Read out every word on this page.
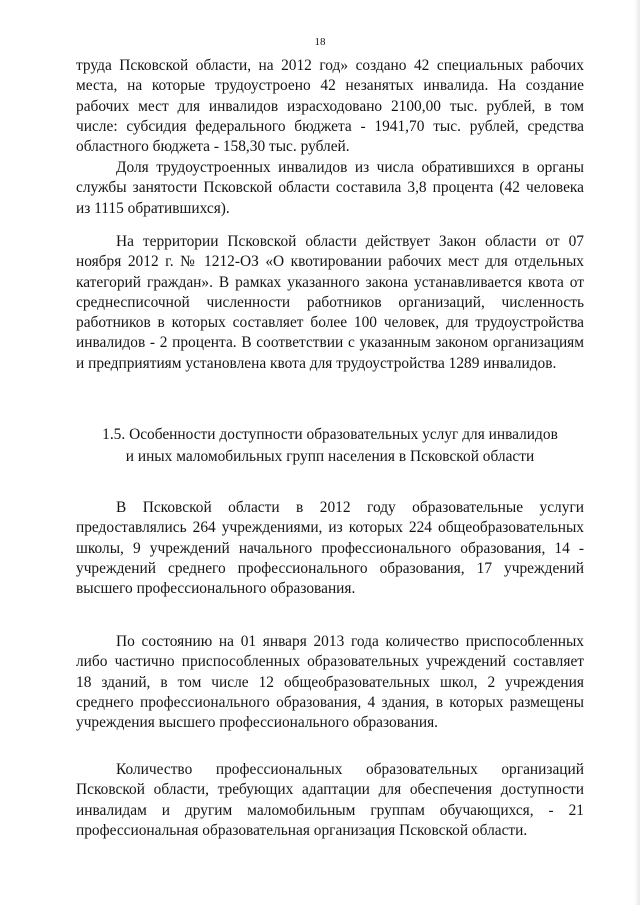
18

труда Псковской области, на 2012 год» создано 42 специальных рабочих места, на которые трудоустроено 42 незанятых инвалида. На создание рабочих мест для инвалидов израсходовано 2100,00 тыс. рублей, в том числе: субсидия федерального бюджета - 1941,70 тыс. рублей, средства областного бюджета - 158,30 тыс. рублей.

Доля трудоустроенных инвалидов из числа обратившихся в органы службы занятости Псковской области составила 3,8 процента (42 человека из 1115 обратившихся).

На территории Псковской области действует Закон области от 07 ноября 2012 г. № 1212-ОЗ «О квотировании рабочих мест для отдельных категорий граждан». В рамках указанного закона устанавливается квота от среднесписочной численности работников организаций, численность работников в которых составляет более 100 человек, для трудоустройства инвалидов - 2 процента. В соответствии с указанным законом организациям и предприятиям установлена квота для трудоустройства 1289 инвалидов.

1.5. Особенности доступности образовательных услуг для инвалидов
и иных маломобильных групп населения в Псковской области

В Псковской области в 2012 году образовательные услуги предоставлялись 264 учреждениями, из которых 224 общеобразовательных школы, 9 учреждений начального профессионального образования, 14 - учреждений среднего профессионального образования, 17 учреждений высшего профессионального образования.

По состоянию на 01 января 2013 года количество приспособленных либо частично приспособленных образовательных учреждений составляет 18 зданий, в том числе 12 общеобразовательных школ, 2 учреждения среднего профессионального образования, 4 здания, в которых размещены учреждения высшего профессионального образования.

Количество профессиональных образовательных организаций Псковской области, требующих адаптации для обеспечения доступности инвалидам и другим маломобильным группам обучающихся, - 21 профессиональная образовательная организация Псковской области.
